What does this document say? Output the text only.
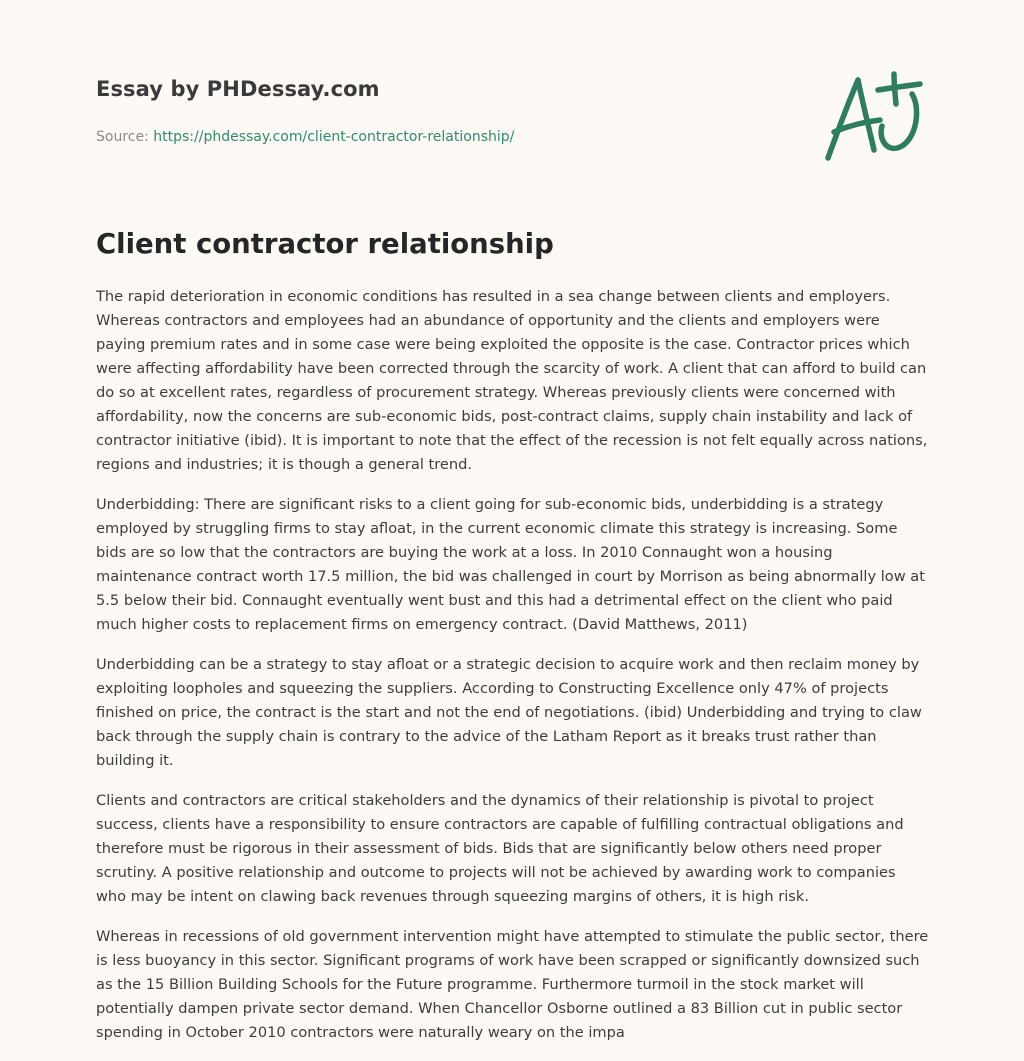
Essay by PHDessay.com
Source: https://phdessay.com/client-contractor-relationship/
Client contractor relationship

The rapid deterioration in economic conditions has resulted in a sea change between clients and employers. Whereas contractors and employees had an abundance of opportunity and the clients and employers were paying premium rates and in some case were being exploited the opposite is the case. Contractor prices which were affecting affordability have been corrected through the scarcity of work. A client that can afford to build can do so at excellent rates, regardless of procurement strategy. Whereas previously clients were concerned with affordability, now the concerns are sub-economic bids, post-contract claims, supply chain instability and lack of contractor initiative (ibid). It is important to note that the effect of the recession is not felt equally across nations, regions and industries; it is though a general trend.

Underbidding: There are significant risks to a client going for sub-economic bids, underbidding is a strategy employed by struggling firms to stay afloat, in the current economic climate this strategy is increasing. Some bids are so low that the contractors are buying the work at a loss. In 2010 Connaught won a housing maintenance contract worth 17.5 million, the bid was challenged in court by Morrison as being abnormally low at 5.5 below their bid. Connaught eventually went bust and this had a detrimental effect on the client who paid much higher costs to replacement firms on emergency contract. (David Matthews, 2011)

Underbidding can be a strategy to stay afloat or a strategic decision to acquire work and then reclaim money by exploiting loopholes and squeezing the suppliers. According to Constructing Excellence only 47% of projects finished on price, the contract is the start and not the end of negotiations. (ibid) Underbidding and trying to claw back through the supply chain is contrary to the advice of the Latham Report as it breaks trust rather than building it.

Clients and contractors are critical stakeholders and the dynamics of their relationship is pivotal to project success, clients have a responsibility to ensure contractors are capable of fulfilling contractual obligations and therefore must be rigorous in their assessment of bids. Bids that are significantly below others need proper scrutiny. A positive relationship and outcome to projects will not be achieved by awarding work to companies who may be intent on clawing back revenues through squeezing margins of others, it is high risk.

Whereas in recessions of old government intervention might have attempted to stimulate the public sector, there is less buoyancy in this sector. Significant programs of work have been scrapped or significantly downsized such as the 15 Billion Building Schools for the Future programme. Furthermore turmoil in the stock market will potentially dampen private sector demand. When Chancellor Osborne outlined a 83 Billion cut in public sector spending in October 2010 contractors were naturally weary on the impa
